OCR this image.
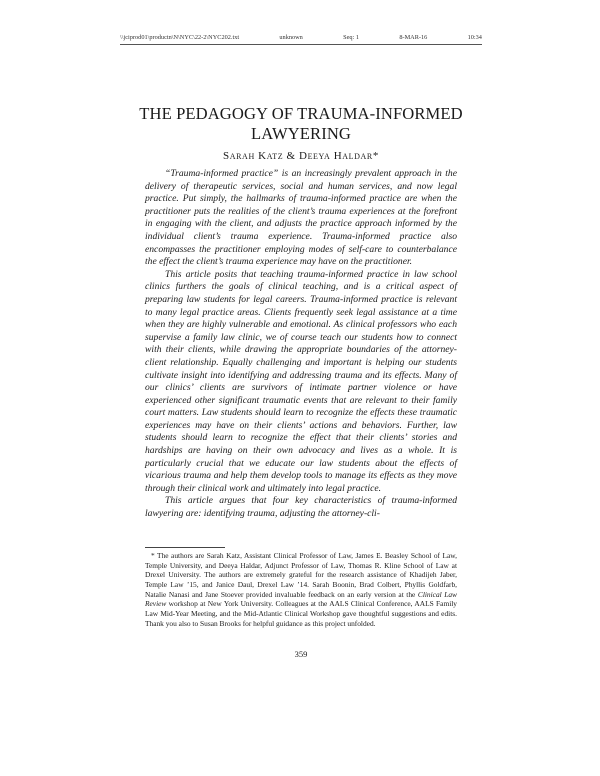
\\jciprod01\productn\N\NYC\22-2\NYC202.txt	unknown	Seq: 1	8-MAR-16	10:34
THE PEDAGOGY OF TRAUMA-INFORMED LAWYERING
Sarah Katz & Deeya Haldar*

“Trauma-informed practice” is an increasingly prevalent approach in the delivery of therapeutic services, social and human services, and now legal practice. Put simply, the hallmarks of trauma-informed practice are when the practitioner puts the realities of the client’s trauma experiences at the forefront in engaging with the client, and adjusts the practice approach informed by the individual client’s trauma experience. Trauma-informed practice also encompasses the practitioner employing modes of self-care to counterbalance the effect the client’s trauma experience may have on the practitioner.

This article posits that teaching trauma-informed practice in law school clinics furthers the goals of clinical teaching, and is a critical aspect of preparing law students for legal careers. Trauma-informed practice is relevant to many legal practice areas. Clients frequently seek legal assistance at a time when they are highly vulnerable and emotional. As clinical professors who each supervise a family law clinic, we of course teach our students how to connect with their clients, while drawing the appropriate boundaries of the attorney-client relationship. Equally challenging and important is helping our students cultivate insight into identifying and addressing trauma and its effects. Many of our clinics’ clients are survivors of intimate partner violence or have experienced other significant traumatic events that are relevant to their family court matters. Law students should learn to recognize the effects these traumatic experiences may have on their clients’ actions and behaviors. Further, law students should learn to recognize the effect that their clients’ stories and hardships are having on their own advocacy and lives as a whole. It is particularly crucial that we educate our law students about the effects of vicarious trauma and help them develop tools to manage its effects as they move through their clinical work and ultimately into legal practice.

This article argues that four key characteristics of trauma-informed lawyering are: identifying trauma, adjusting the attorney-cli-

* The authors are Sarah Katz, Assistant Clinical Professor of Law, James E. Beasley School of Law, Temple University, and Deeya Haldar, Adjunct Professor of Law, Thomas R. Kline School of Law at Drexel University. The authors are extremely grateful for the research assistance of Khadijeh Jaber, Temple Law ’15, and Janice Daul, Drexel Law ’14. Sarah Boonin, Brad Colbert, Phyllis Goldfarb, Natalie Nanasi and Jane Stoever provided invaluable feedback on an early version at the Clinical Law Review workshop at New York University. Colleagues at the AALS Clinical Conference, AALS Family Law Mid-Year Meeting, and the Mid-Atlantic Clinical Workshop gave thoughtful suggestions and edits. Thank you also to Susan Brooks for helpful guidance as this project unfolded.

359
